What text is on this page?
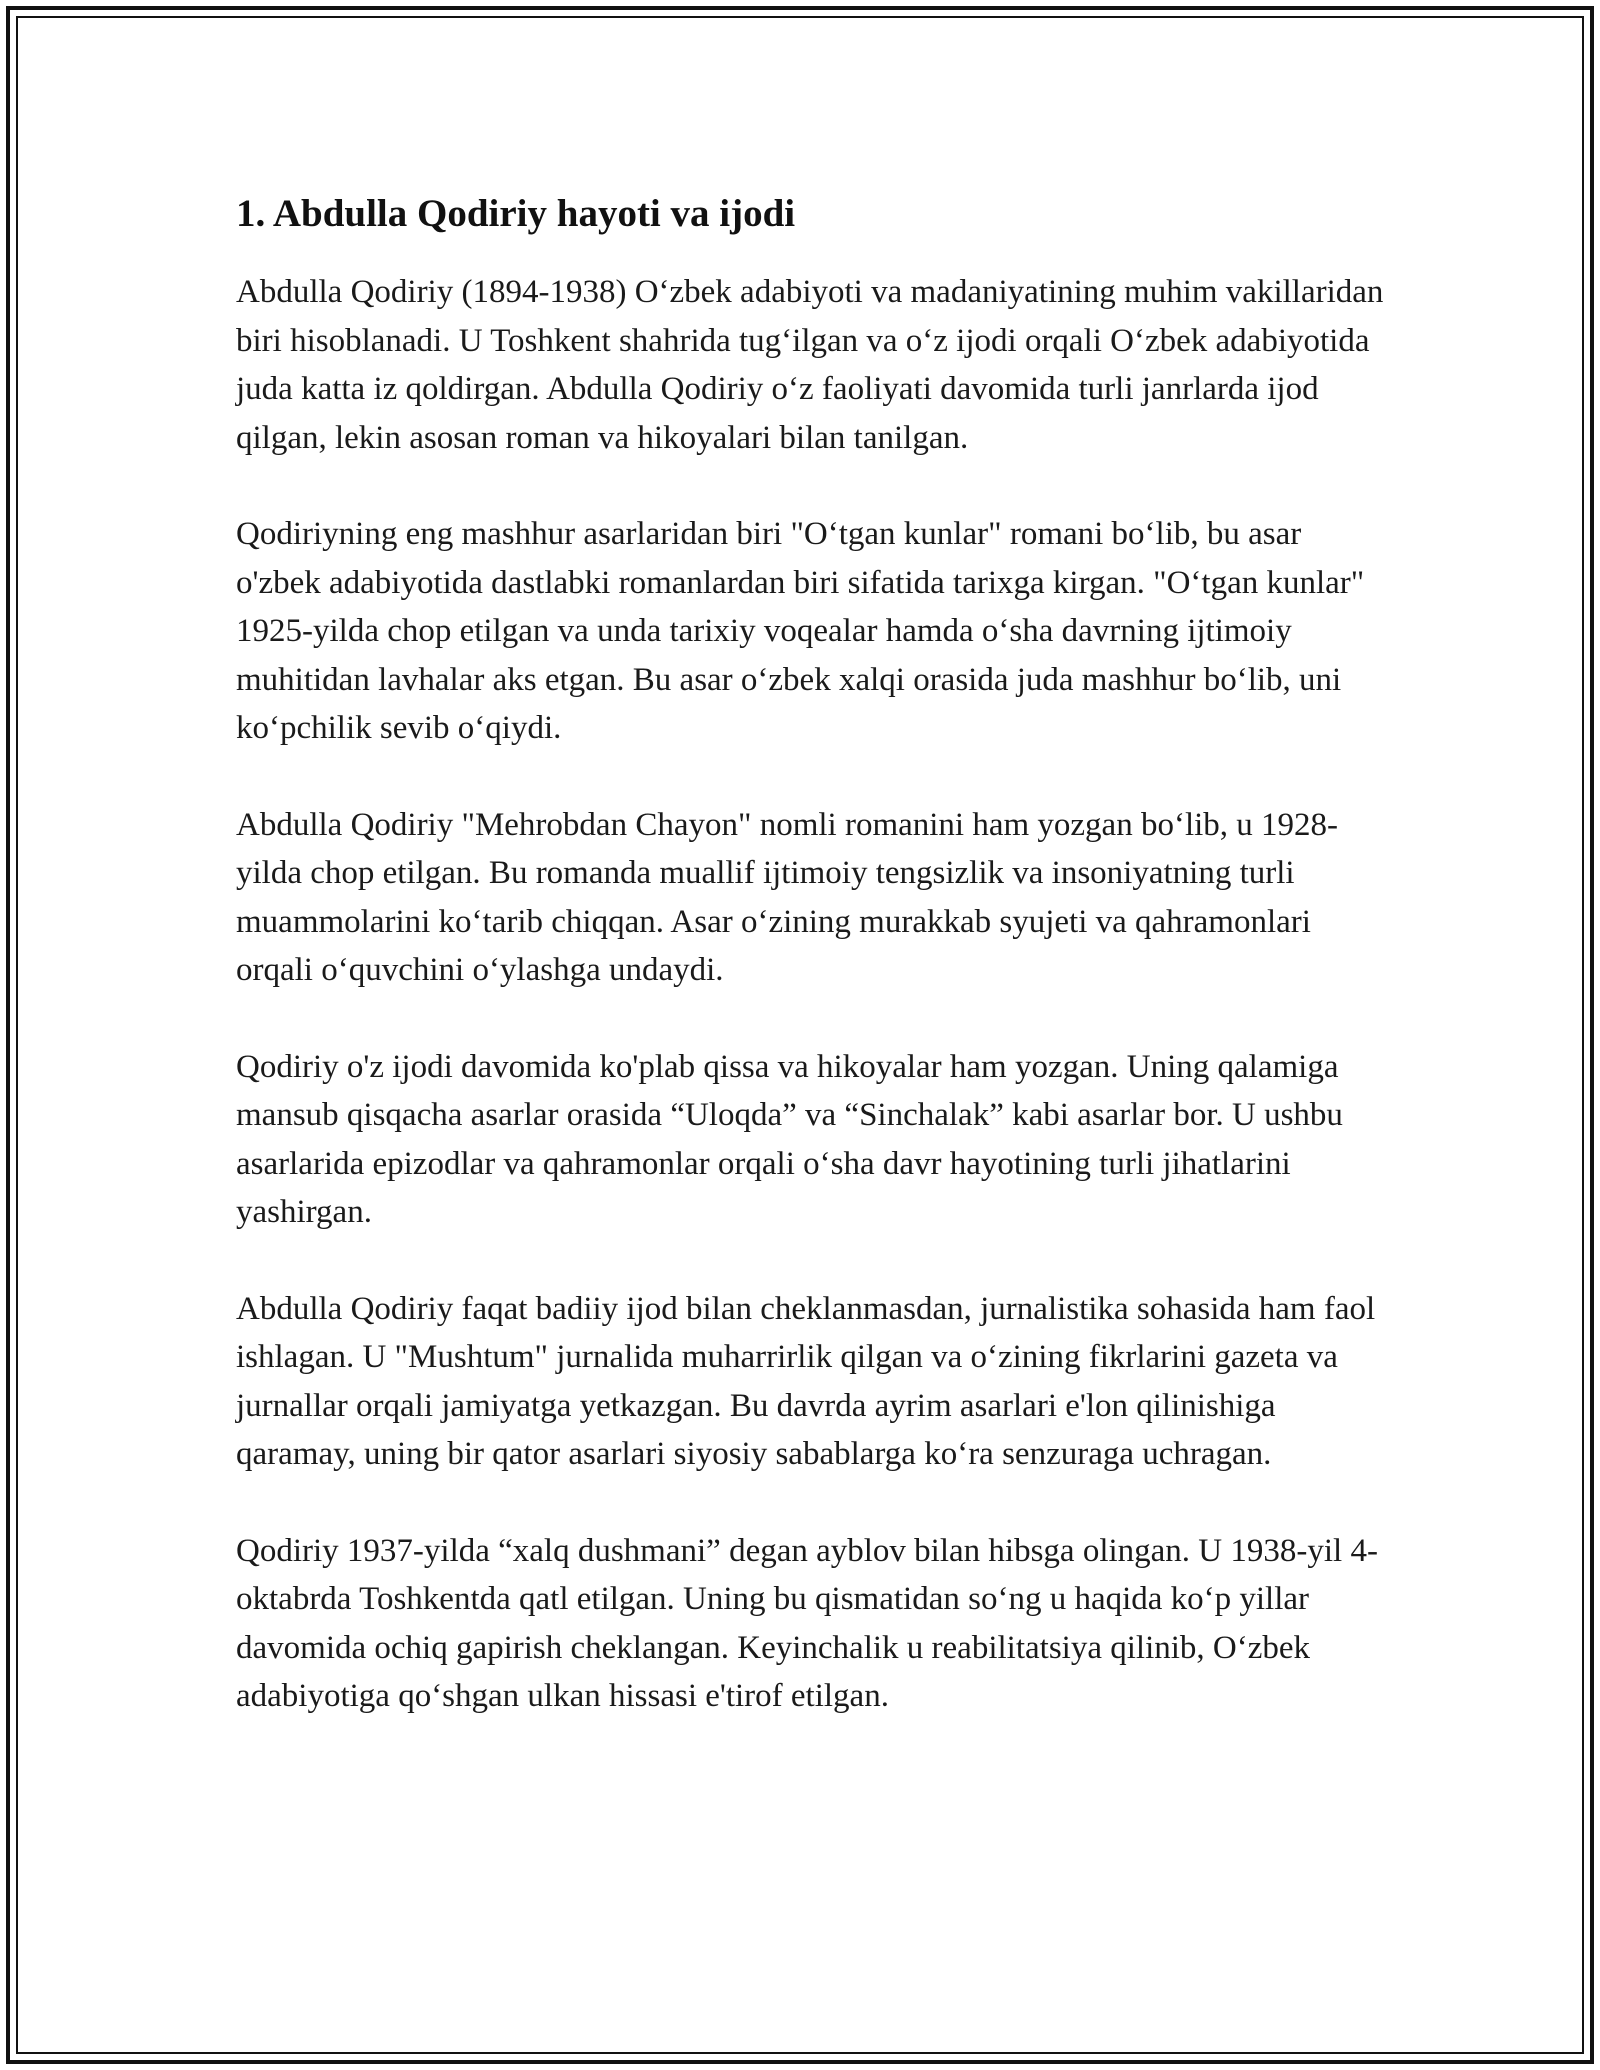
1. Abdulla Qodiriy hayoti va ijodi

Abdulla Qodiriy (1894-1938) O‘zbek adabiyoti va madaniyatining muhim vakillaridan biri hisoblanadi. U Toshkent shahrida tug‘ilgan va o‘z ijodi orqali O‘zbek adabiyotida juda katta iz qoldirgan. Abdulla Qodiriy o‘z faoliyati davomida turli janrlarda ijod qilgan, lekin asosan roman va hikoyalari bilan tanilgan.

Qodiriyning eng mashhur asarlaridan biri "O‘tgan kunlar" romani bo‘lib, bu asar o'zbek adabiyotida dastlabki romanlardan biri sifatida tarixga kirgan. "O‘tgan kunlar" 1925-yilda chop etilgan va unda tarixiy voqealar hamda o‘sha davrning ijtimoiy muhitidan lavhalar aks etgan. Bu asar o‘zbek xalqi orasida juda mashhur bo‘lib, uni ko‘pchilik sevib o‘qiydi.

Abdulla Qodiriy "Mehrobdan Chayon" nomli romanini ham yozgan bo‘lib, u 1928-yilda chop etilgan. Bu romanda muallif ijtimoiy tengsizlik va insoniyatning turli muammolarini ko‘tarib chiqqan. Asar o‘zining murakkab syujeti va qahramonlari orqali o‘quvchini o‘ylashga undaydi.

Qodiriy o'z ijodi davomida ko'plab qissa va hikoyalar ham yozgan. Uning qalamiga mansub qisqacha asarlar orasida “Uloqda” va “Sinchalak” kabi asarlar bor. U ushbu asarlarida epizodlar va qahramonlar orqali o‘sha davr hayotining turli jihatlarini yashirgan.

Abdulla Qodiriy faqat badiiy ijod bilan cheklanmasdan, jurnalistika sohasida ham faol ishlagan. U "Mushtum" jurnalida muharrirlik qilgan va o‘zining fikrlarini gazeta va jurnallar orqali jamiyatga yetkazgan. Bu davrda ayrim asarlari e'lon qilinishiga qaramay, uning bir qator asarlari siyosiy sabablarga ko‘ra senzuraga uchragan.

Qodiriy 1937-yilda “xalq dushmani” degan ayblov bilan hibsga olingan. U 1938-yil 4-oktabrda Toshkentda qatl etilgan. Uning bu qismatidan so‘ng u haqida ko‘p yillar davomida ochiq gapirish cheklangan. Keyinchalik u reabilitatsiya qilinib, O‘zbek adabiyotiga qo‘shgan ulkan hissasi e'tirof etilgan.
